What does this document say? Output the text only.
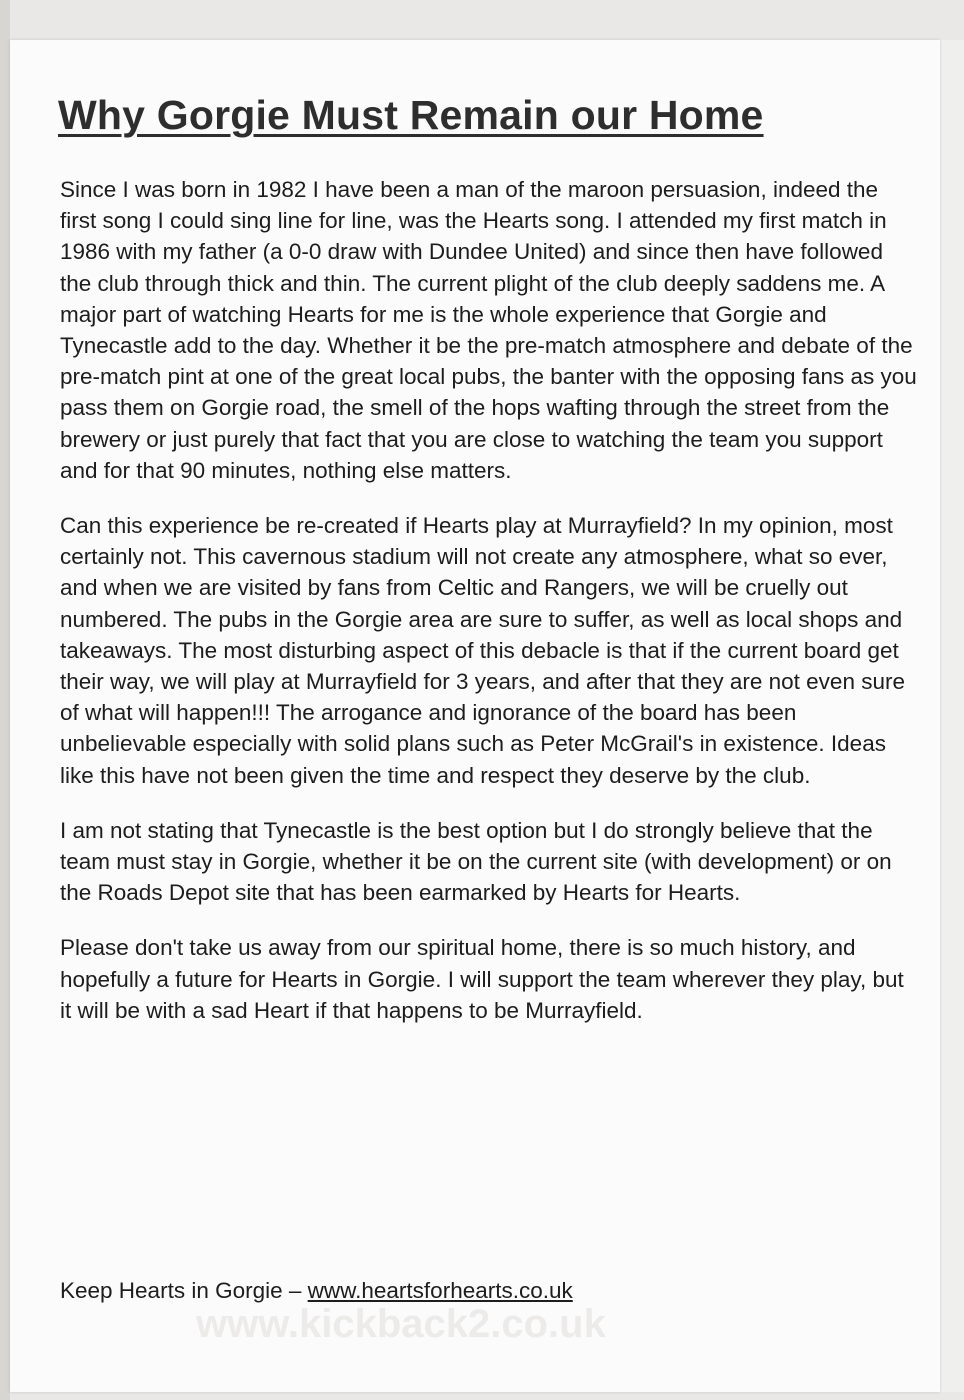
Why Gorgie Must Remain our Home

Since I was born in 1982 I have been a man of the maroon persuasion, indeed the first song I could sing line for line, was the Hearts song. I attended my first match in 1986 with my father (a 0-0 draw with Dundee United) and since then have followed the club through thick and thin. The current plight of the club deeply saddens me. A major part of watching Hearts for me is the whole experience that Gorgie and Tynecastle add to the day. Whether it be the pre-match atmosphere and debate of the pre-match pint at one of the great local pubs, the banter with the opposing fans as you pass them on Gorgie road, the smell of the hops wafting through the street from the brewery or just purely that fact that you are close to watching the team you support and for that 90 minutes, nothing else matters.

Can this experience be re-created if Hearts play at Murrayfield? In my opinion, most certainly not. This cavernous stadium will not create any atmosphere, what so ever, and when we are visited by fans from Celtic and Rangers, we will be cruelly out numbered. The pubs in the Gorgie area are sure to suffer, as well as local shops and takeaways. The most disturbing aspect of this debacle is that if the current board get their way, we will play at Murrayfield for 3 years, and after that they are not even sure of what will happen!!! The arrogance and ignorance of the board has been unbelievable especially with solid plans such as Peter McGrail's in existence. Ideas like this have not been given the time and respect they deserve by the club.

I am not stating that Tynecastle is the best option but I do strongly believe that the team must stay in Gorgie, whether it be on the current site (with development) or on the Roads Depot site that has been earmarked by Hearts for Hearts.

Please don't take us away from our spiritual home, there is so much history, and hopefully a future for Hearts in Gorgie. I will support the team wherever they play, but it will be with a sad Heart if that happens to be Murrayfield.

Keep Hearts in Gorgie – www.heartsforhearts.co.uk
www.kickback2.co.uk
